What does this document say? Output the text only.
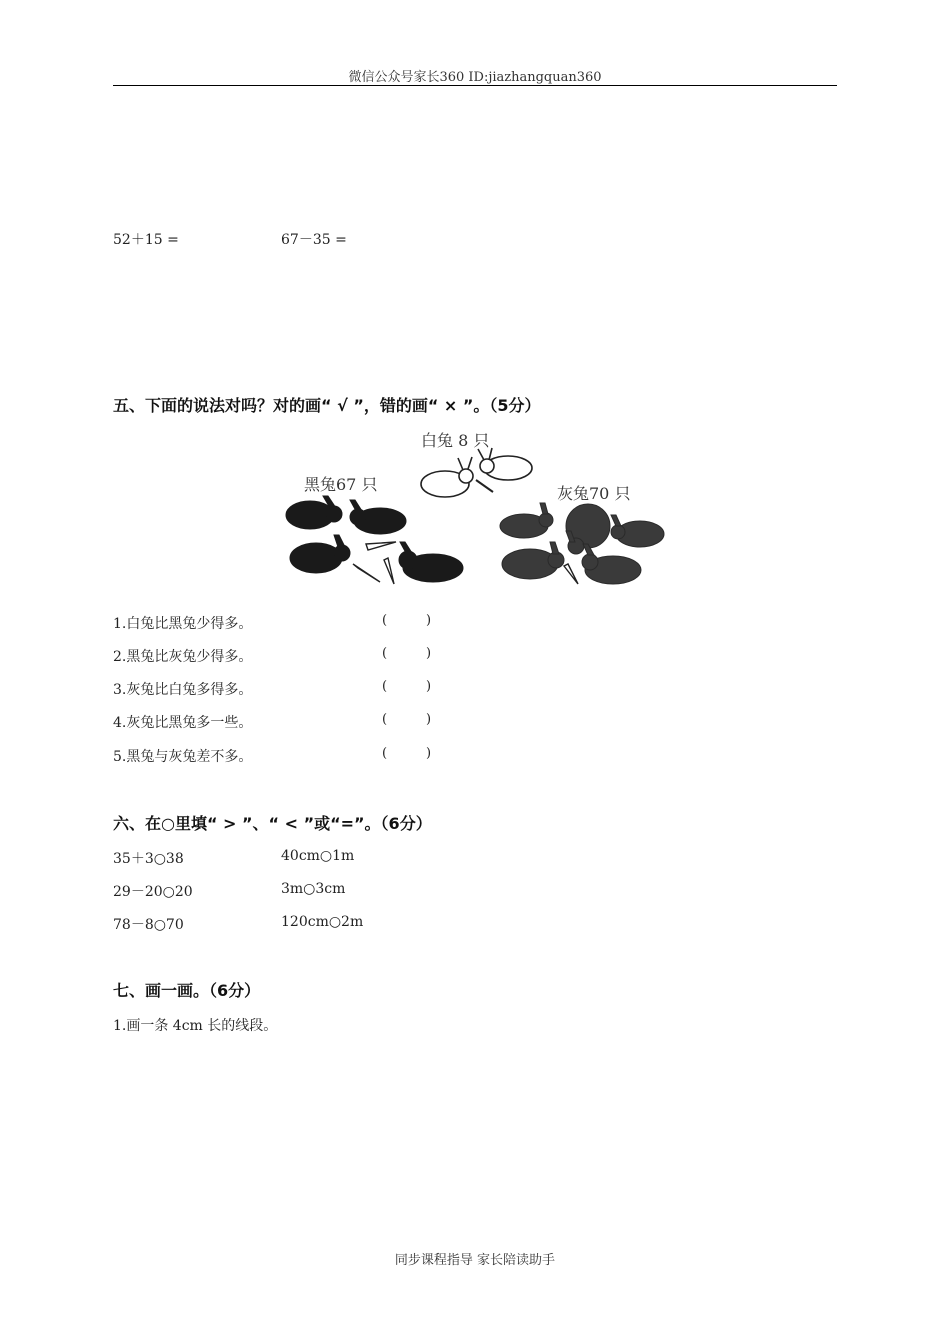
微信公众号家长360 ID:jiazhangquan360
52＋15 =	67－35 =
五、下面的说法对吗？对的画“ √ ”，错的画“ × ”。（5分）
白兔 8 只
黑兔67 只	灰兔70 只
1.白兔比黑兔少得多。	(	)
2.黑兔比灰兔少得多。	(	)
3.灰兔比白兔多得多。	(	)
4.灰兔比黑兔多一些。	(	)
5.黑兔与灰兔差不多。	(	)
六、在○里填“ > ”、“ < ”或“=”。（6分）
35＋3○38	40cm○1m
29－20○20	3m○3cm
78－8○70	120cm○2m
七、画一画。（6分）
1.画一条 4cm 长的线段。
同步课程指导 家长陪读助手
